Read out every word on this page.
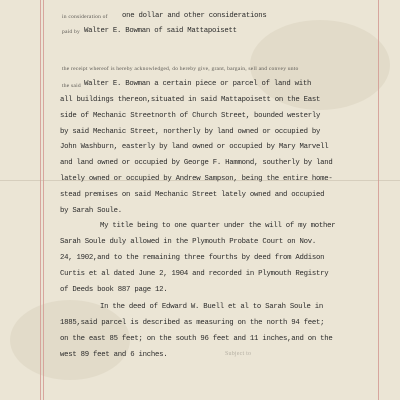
in consideration of one dollar and other considerations
paid by Walter E. Bowman of said Mattapoisett
the receipt whereof is hereby acknowledged, do hereby give, grant, bargain, sell and convey unto
the said Walter E. Bowman a certain piece or parcel of land with
all buildings thereon,situated in said Mattapoisett on the East
side of Mechanic Streetnorth of Church Street, bounded westerly
by said Mechanic Street, northerly by land owned or occupied by
John Washburn, easterly by land owned or occupied by Mary Marvell
and land owned or occupied by George F. Hammond, southerly by land
lately owned or occupied by Andrew Sampson, being the entire home-
stead premises on said Mechanic Street lately owned and occupied
by Sarah Soule.
My title being to one quarter under the will of my mother
Sarah Soule duly allowed in the Plymouth Probate Court on Nov.
24, 1902,and to the remaining three fourths by deed from Addison
Curtis et al dated June 2, 1904 and recorded in Plymouth Registry
of Deeds book 887 page 12.
In the deed of Edward W. Buell et al to Sarah Soule in
1885,said parcel is described as measuring on the north 94 feet;
on the east 85 feet; on the south 96 feet and 11 inches,and on the
west 89 feet and 6 inches.	Subject to
